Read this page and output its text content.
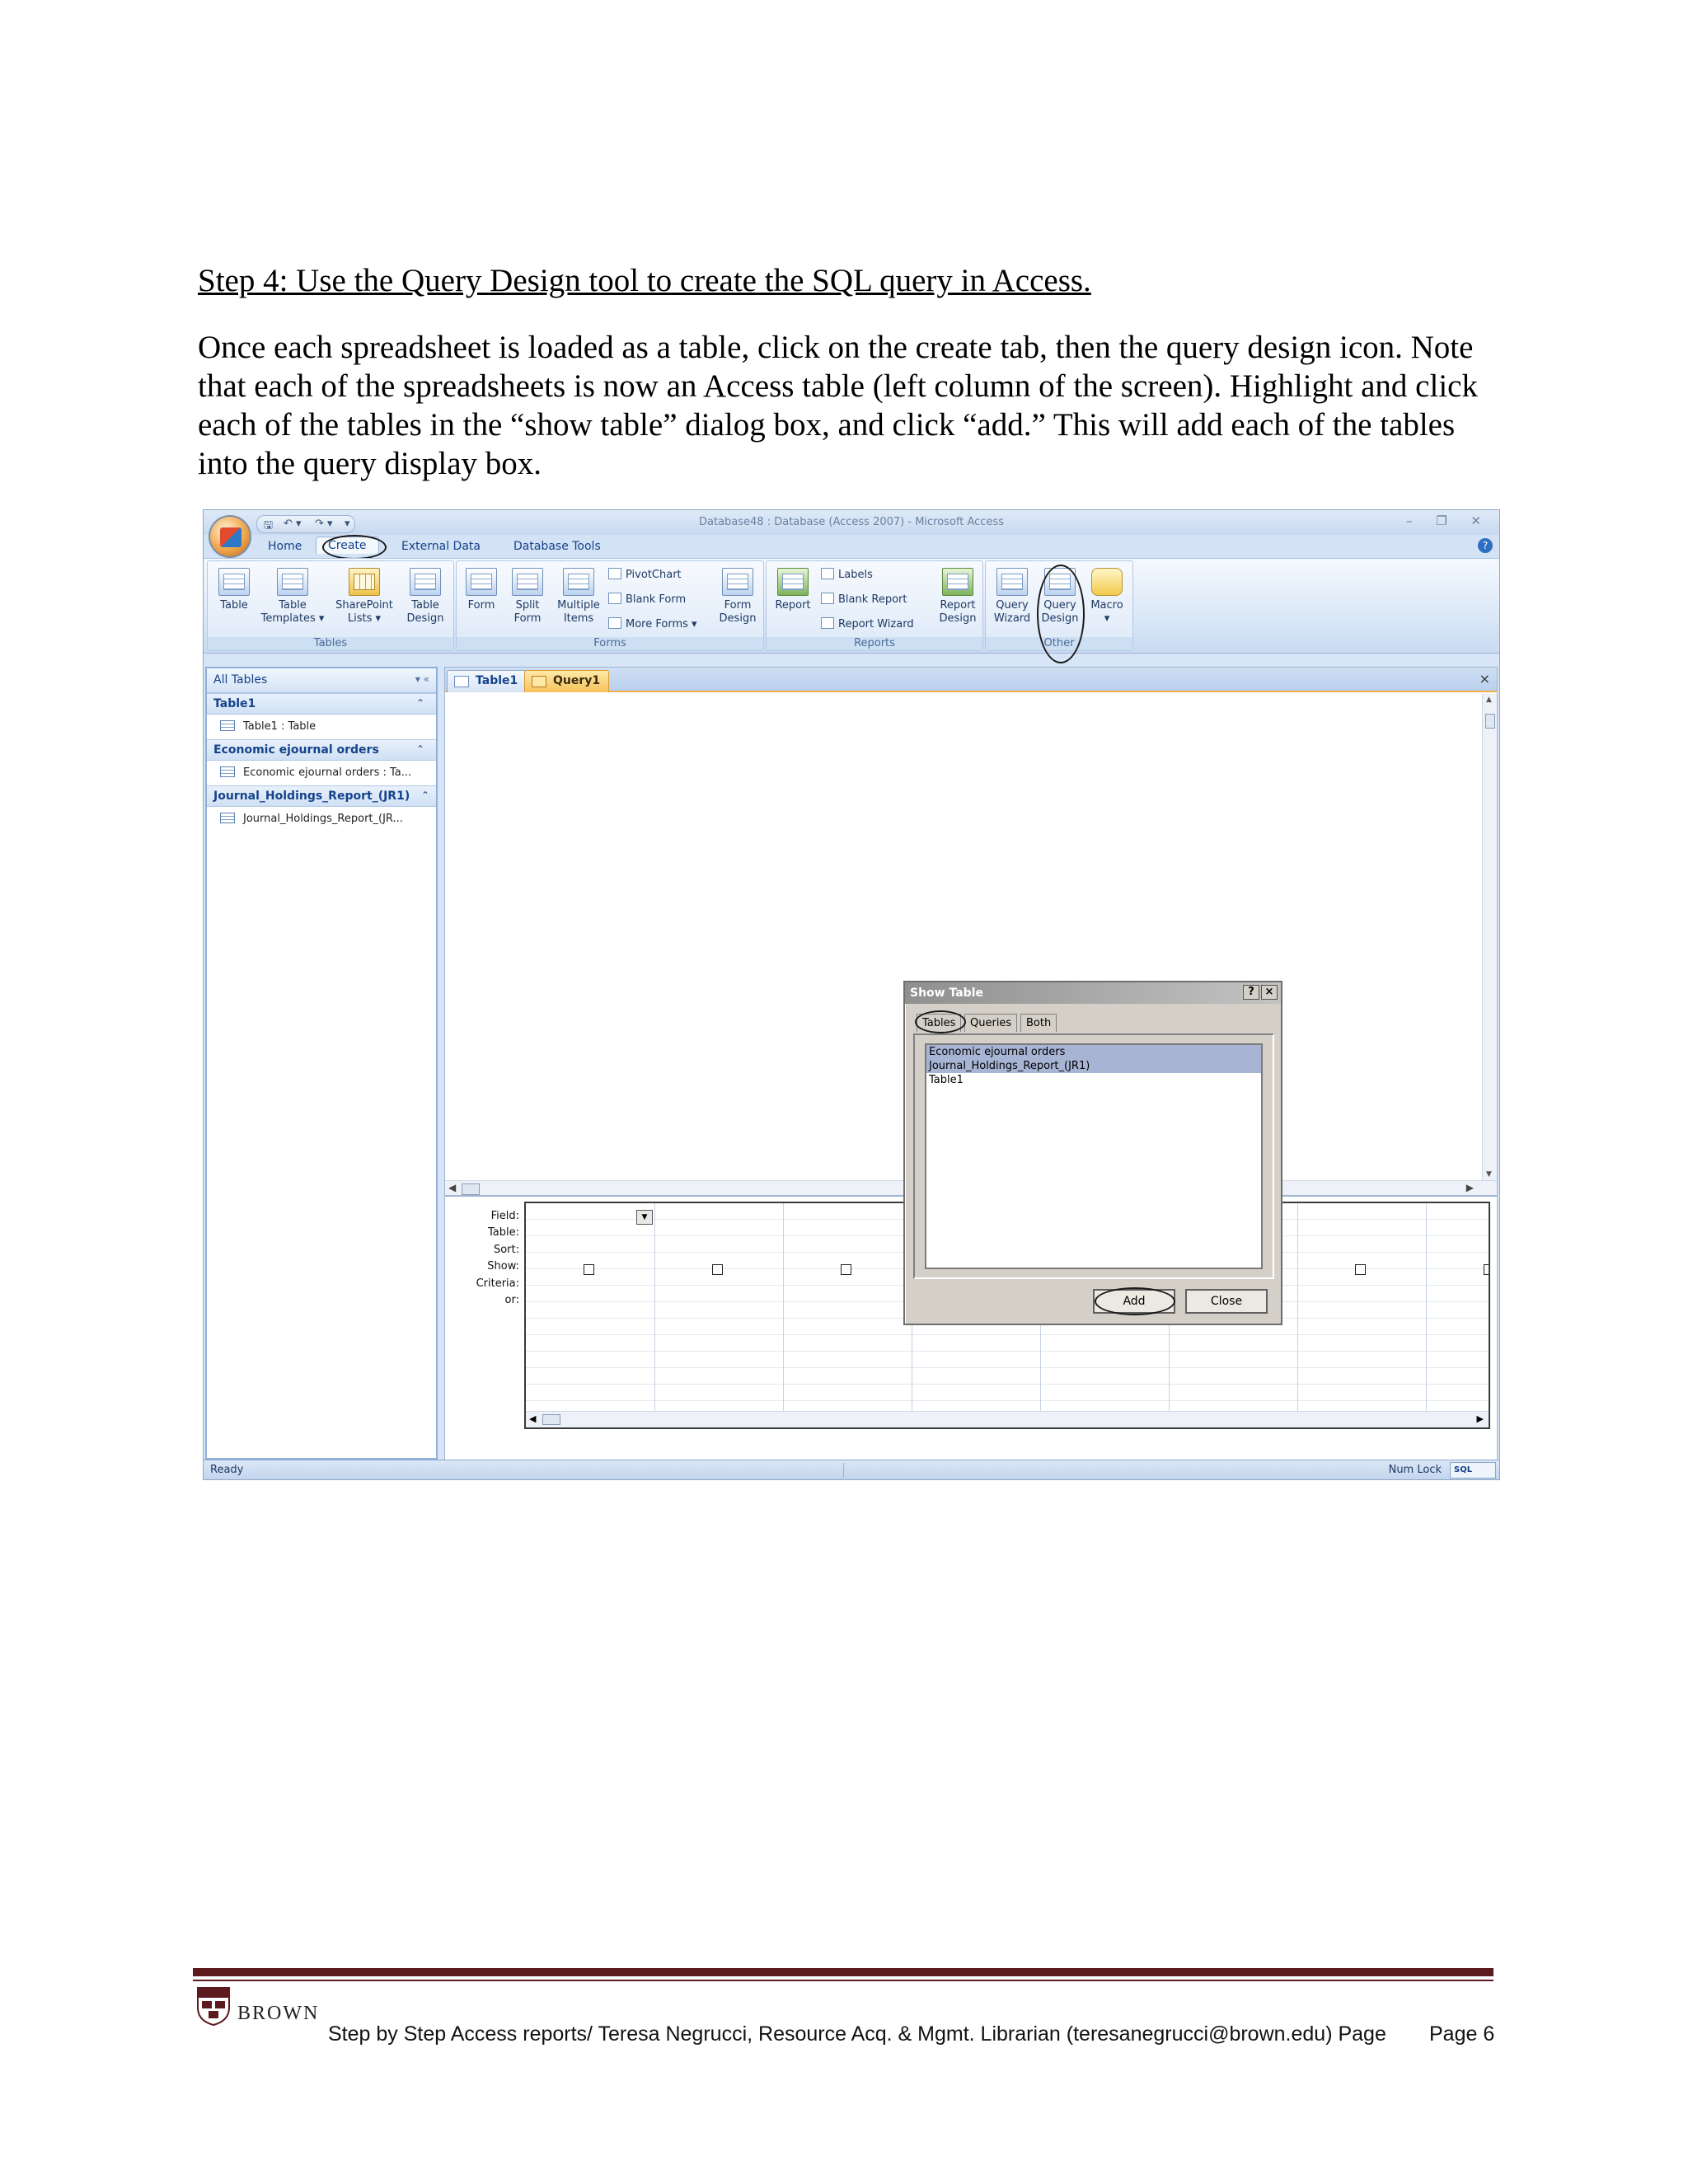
Step 4: Use the Query Design tool to create the SQL query in Access.
Once each spreadsheet is loaded as a table, click on the create tab, then the query design icon. Note that each of the spreadsheets is now an Access table (left column of the screen). Highlight and click each of the tables in the “show table” dialog box, and click “add.” This will add each of the tables into the query display box.
Database48 : Database (Access 2007) - Microsoft Access	– ❐ ✕
🖫 ↶ ▾ ↷ ▾ ▾
Home	Create	External Data	Database Tools	?
Table	Table
Templates ▾
SharePoint
Lists ▾
Table
Design
Tables
Form	Split
Form
Multiple
Items
PivotChart
Blank Form
More Forms ▾
Form
Design
Forms
Report
Labels
Blank Report
Report Wizard
Report
Design
Reports
Query
Wizard
Query
Design
Macro
▾
Other
All Tables	▾ «
Table1	⌃
Table1 : Table
Economic ejournal orders	⌃
Economic ejournal orders : Ta...
Journal_Holdings_Report_(JR1) ⌃
Journal_Holdings_Report_(JR...
Table1	Query1	×
▲
▼
◀	▶
Field:
Table:
Sort:
Show:
Criteria:
or:
▼
◀	▶
Show Table	? ×
Tables	Queries	Both
Economic ejournal orders
Journal_Holdings_Report_(JR1)
Table1
Add	Close
Ready	Num Lock	SQL
BROWN
Step by Step Access reports/ Teresa Negrucci, Resource Acq. & Mgmt. Librarian (teresanegrucci@brown.edu) Page Page 6
